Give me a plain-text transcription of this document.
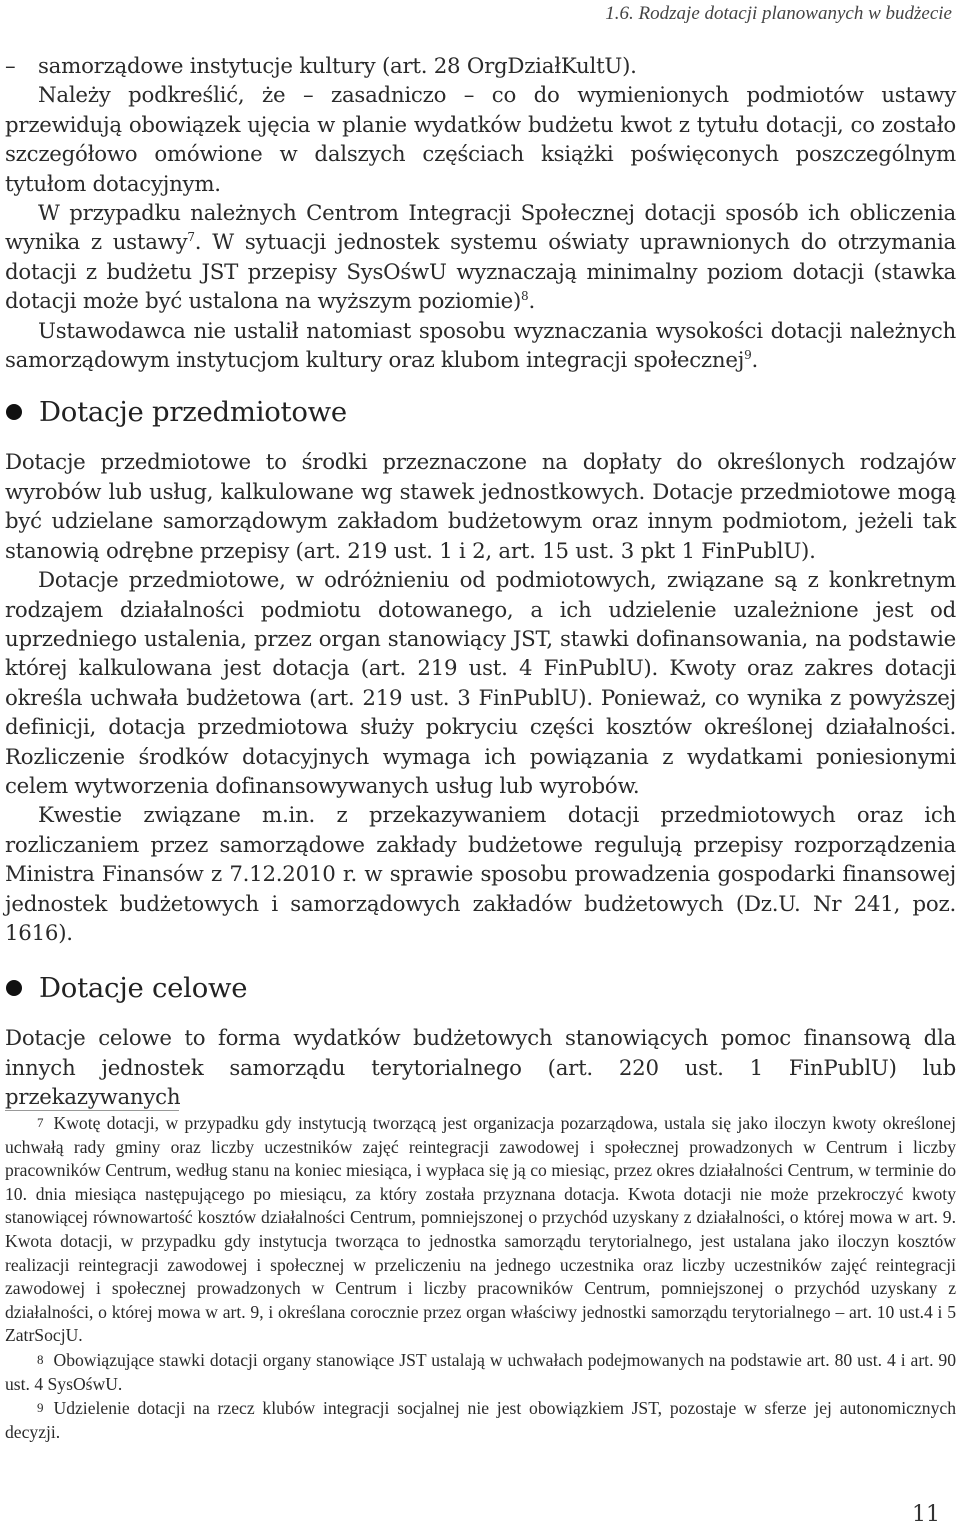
1.6. Rodzaje dotacji planowanych w budżecie

– samorządowe instytucje kultury (art. 28 OrgDziałKultU).

Należy podkreślić, że – zasadniczo – co do wymienionych podmiotów ustawy przewidują obowiązek ujęcia w planie wydatków budżetu kwot z tytułu dotacji, co zostało szczegółowo omówione w dalszych częściach książki poświęconych poszczególnym tytułom dotacyjnym.

W przypadku należnych Centrom Integracji Społecznej dotacji sposób ich obliczenia wynika z ustawy$^7$. W sytuacji jednostek systemu oświaty uprawnionych do otrzymania dotacji z budżetu JST przepisy SysOśwU wyznaczają minimalny poziom dotacji (stawka dotacji może być ustalona na wyższym poziomie)$^8$.

Ustawodawca nie ustalił natomiast sposobu wyznaczania wysokości dotacji należnych samorządowym instytucjom kultury oraz klubom integracji społecznej$^9$.

Dotacje przedmiotowe

Dotacje przedmiotowe to środki przeznaczone na dopłaty do określonych rodzajów wyrobów lub usług, kalkulowane wg stawek jednostkowych. Dotacje przedmiotowe mogą być udzielane samorządowym zakładom budżetowym oraz innym podmiotom, jeżeli tak stanowią odrębne przepisy (art. 219 ust. 1 i 2, art. 15 ust. 3 pkt 1 FinPublU).

Dotacje przedmiotowe, w odróżnieniu od podmiotowych, związane są z konkretnym rodzajem działalności podmiotu dotowanego, a ich udzielenie uzależnione jest od uprzedniego ustalenia, przez organ stanowiący JST, stawki dofinansowania, na podstawie której kalkulowana jest dotacja (art. 219 ust. 4 FinPublU). Kwoty oraz zakres dotacji określa uchwała budżetowa (art. 219 ust. 3 FinPublU). Ponieważ, co wynika z powyższej definicji, dotacja przedmiotowa służy pokryciu części kosztów określonej działalności. Rozliczenie środków dotacyjnych wymaga ich powiązania z wydatkami poniesionymi celem wytworzenia dofinansowywanych usług lub wyrobów.

Kwestie związane m.in. z przekazywaniem dotacji przedmiotowych oraz ich rozliczaniem przez samorządowe zakłady budżetowe regulują przepisy rozporządzenia Ministra Finansów z 7.12.2010 r. w sprawie sposobu prowadzenia gospodarki finansowej jednostek budżetowych i samorządowych zakładów budżetowych (Dz.U. Nr 241, poz. 1616).

Dotacje celowe

Dotacje celowe to forma wydatków budżetowych stanowiących pomoc finansową dla innych jednostek samorządu terytorialnego (art. 220 ust. 1 FinPublU) lub przekazywanych

7 Kwotę dotacji, w przypadku gdy instytucją tworzącą jest organizacja pozarządowa, ustala się jako iloczyn kwoty określonej uchwałą rady gminy oraz liczby uczestników zajęć reintegracji zawodowej i społecznej prowadzonych w Centrum i liczby pracowników Centrum, według stanu na koniec miesiąca, i wypłaca się ją co miesiąc, przez okres działalności Centrum, w terminie do 10. dnia miesiąca następującego po miesiącu, za który została przyznana dotacja. Kwota dotacji nie może przekroczyć kwoty stanowiącej równowartość kosztów działalności Centrum, pomniejszonej o przychód uzyskany z działalności, o której mowa w art. 9. Kwota dotacji, w przypadku gdy instytucja tworząca to jednostka samorządu terytorialnego, jest ustalana jako iloczyn kosztów realizacji reintegracji zawodowej i społecznej w przeliczeniu na jednego uczestnika oraz liczby uczestników zajęć reintegracji zawodowej i społecznej prowadzonych w Centrum i liczby pracowników Centrum, pomniejszonej o przychód uzyskany z działalności, o której mowa w art. 9, i określana corocznie przez organ właściwy jednostki samorządu terytorialnego – art. 10 ust.4 i 5 ZatrSocjU.

8 Obowiązujące stawki dotacji organy stanowiące JST ustalają w uchwałach podejmowanych na podstawie art. 80 ust. 4 i art. 90 ust. 4 SysOśwU.

9 Udzielenie dotacji na rzecz klubów integracji socjalnej nie jest obowiązkiem JST, pozostaje w sferze jej autonomicznych decyzji.

11
